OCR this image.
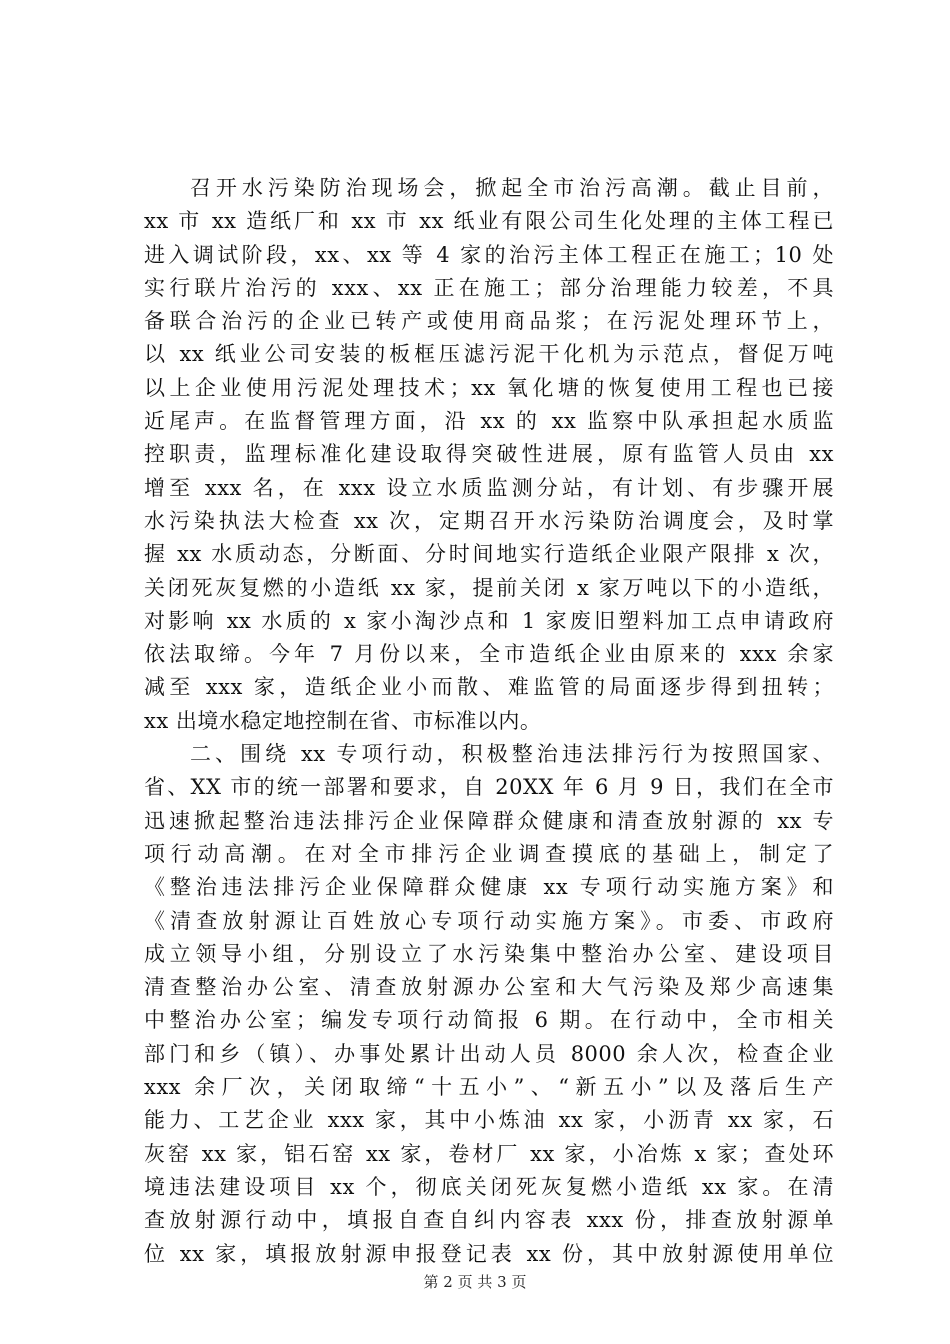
召开水污染防治现场会，掀起全市治污高潮。截止目前，
xx 市 xx 造纸厂和 xx 市 xx 纸业有限公司生化处理的主体工程已
进入调试阶段，xx、xx 等 4 家的治污主体工程正在施工；10 处
实行联片治污的 xxx、xx 正在施工；部分治理能力较差，不具
备联合治污的企业已转产或使用商品浆；在污泥处理环节上，
以 xx 纸业公司安装的板框压滤污泥干化机为示范点，督促万吨
以上企业使用污泥处理技术；xx 氧化塘的恢复使用工程也已接
近尾声。在监督管理方面，沿 xx 的 xx 监察中队承担起水质监
控职责，监理标准化建设取得突破性进展，原有监管人员由 xx
增至 xxx 名，在 xxx 设立水质监测分站，有计划、有步骤开展
水污染执法大检查 xx 次，定期召开水污染防治调度会，及时掌
握 xx 水质动态，分断面、分时间地实行造纸企业限产限排 x 次，
关闭死灰复燃的小造纸 xx 家，提前关闭 x 家万吨以下的小造纸，
对影响 xx 水质的 x 家小淘沙点和 1 家废旧塑料加工点申请政府
依法取缔。今年 7 月份以来，全市造纸企业由原来的 xxx 余家
减至 xxx 家，造纸企业小而散、难监管的局面逐步得到扭转；
xx 出境水稳定地控制在省、市标准以内。
二、围绕 xx 专项行动，积极整治违法排污行为按照国家、
省、XX 市的统一部署和要求，自 20XX 年 6 月 9 日，我们在全市
迅速掀起整治违法排污企业保障群众健康和清查放射源的 xx 专
项行动高潮。在对全市排污企业调查摸底的基础上，制定了
《整治违法排污企业保障群众健康 xx 专项行动实施方案》和
《清查放射源让百姓放心专项行动实施方案》。市委、市政府
成立领导小组，分别设立了水污染集中整治办公室、建设项目
清查整治办公室、清查放射源办公室和大气污染及郑少高速集
中整治办公室；编发专项行动简报 6 期。在行动中，全市相关
部门和乡（镇）、办事处累计出动人员 8000 余人次，检查企业
xxx 余厂次，关闭取缔“十五小”、“新五小”以及落后生产
能力、工艺企业 xxx 家，其中小炼油 xx 家，小沥青 xx 家，石
灰窑 xx 家，铝石窑 xx 家，卷材厂 xx 家，小冶炼 x 家；查处环
境违法建设项目 xx 个，彻底关闭死灰复燃小造纸 xx 家。在清
查放射源行动中，填报自查自纠内容表 xxx 份，排查放射源单
位 xx 家，填报放射源申报登记表 xx 份，其中放射源使用单位
第 2 页 共 3 页
